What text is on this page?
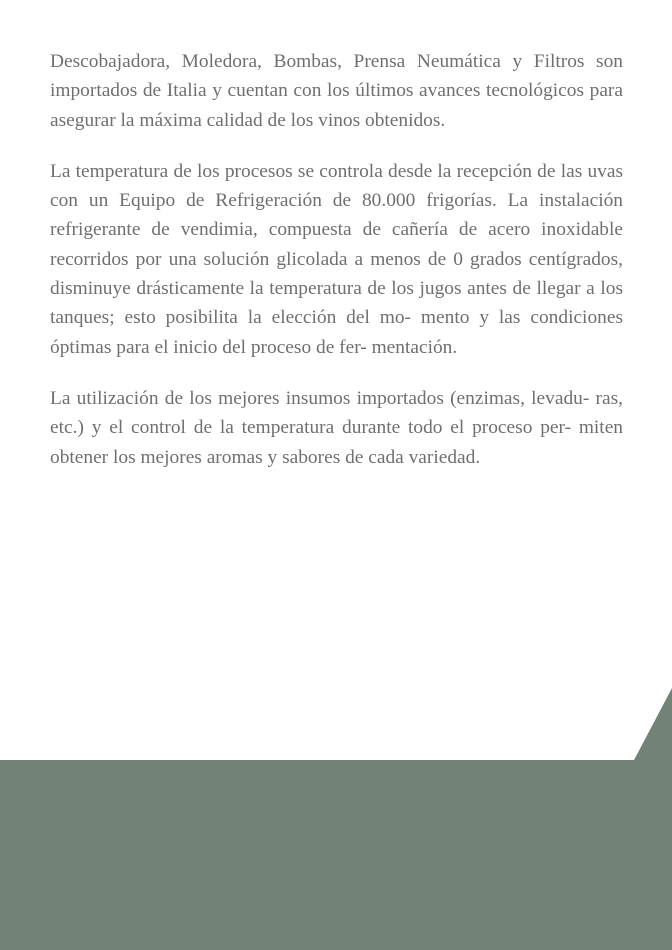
Descobajadora, Moledora, Bombas, Prensa Neumática y Filtros son importados de Italia y cuentan con los últimos avances tecnológicos para asegurar la máxima calidad de los vinos obtenidos.

La temperatura de los procesos se controla desde la recepción de las uvas con un Equipo de Refrigeración de 80.000 frigorías. La instalación refrigerante de vendimia, compuesta de cañería de acero inoxidable recorridos por una solución glicolada a menos de 0 grados centígrados, disminuye drásticamente la temperatura de los jugos antes de llegar a los tanques; esto posibilita la elección del mo- mento y las condiciones óptimas para el inicio del proceso de fer- mentación.

La utilización de los mejores insumos importados (enzimas, levadu- ras, etc.) y el control de la temperatura durante todo el proceso per- miten obtener los mejores aromas y sabores de cada variedad.
